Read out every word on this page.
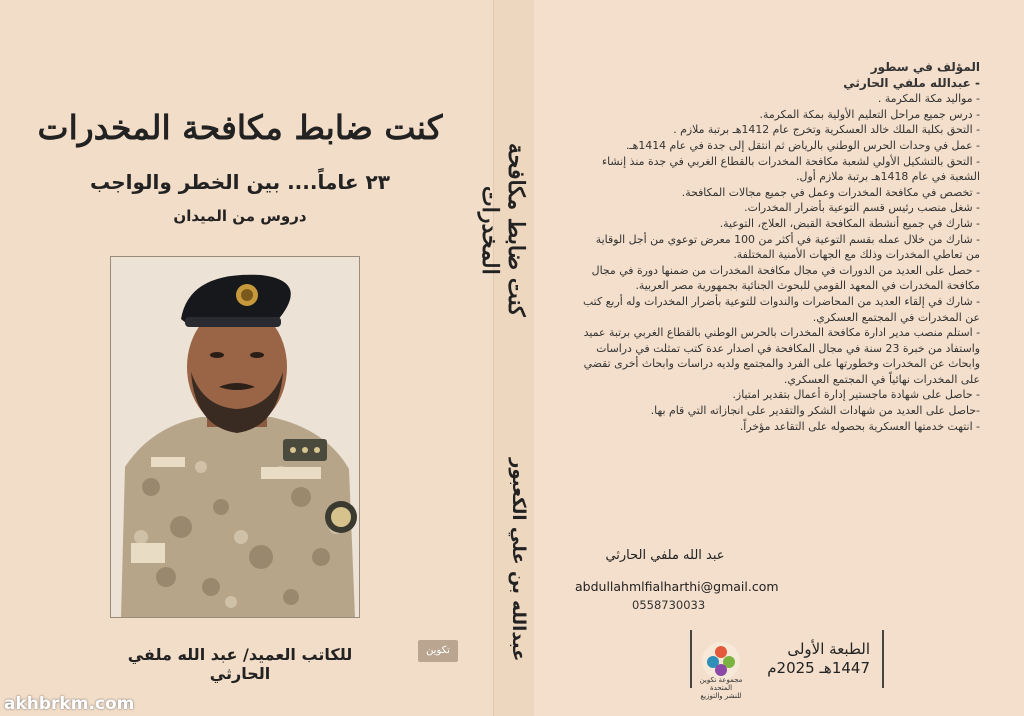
كنت ضابط مكافحة المخدرات
٢٣ عاماً.... بين الخطر والواجب
دروس من الميدان
للكاتب العميد/ عبد الله ملفي الحارثي
تكوين
كنت ضابط مكافحة المخدرات
عبدالله بن علي الكعبور

المؤلف في سطور

- عبدالله ملفي الحارثي

- مواليد مكة المكرمة .

- درس جميع مراحل التعليم الأولية بمكة المكرمة.

- التحق بكلية الملك خالد العسكرية وتخرج عام 1412هـ برتبة ملازم .

- عمل في وحدات الحرس الوطني بالرياض ثم انتقل إلى جدة في عام 1414هـ.

- التحق بالتشكيل الأولي لشعبة مكافحة المخدرات بالقطاع الغربي في جدة منذ إنشاء الشعبة في عام 1418هـ برتبة ملازم أول.

- تخصص في مكافحة المخدرات وعمل في جميع مجالات المكافحة.

- شغل منصب رئيس قسم التوعية بأضرار المخدرات.

- شارك في جميع أنشطة المكافحة القبض، العلاج، التوعية.

- شارك من خلال عمله بقسم التوعية في أكثر من 100 معرض توعوي من أجل الوقاية من تعاطي المخدرات وذلك مع الجهات الأمنية المختلفة.

- حصل على العديد من الدورات في مجال مكافحة المخدرات من ضمنها دورة في مجال مكافحة المخدرات في المعهد القومي للبحوث الجنائية بجمهورية مصر العربية.

- شارك في إلقاء العديد من المحاضرات والندوات للتوعية بأضرار المخدرات وله أربع كتب عن المخدرات في المجتمع العسكري.

- استلم منصب مدير ادارة مكافحة المخدرات بالحرس الوطني بالقطاع الغربي برتبة عميد واستفاد من خبرة 23 سنة في مجال المكافحة في اصدار عدة كتب تمثلت في دراسات وابحاث عن المخدرات وخطورتها على الفرد والمجتمع ولديه دراسات وابحاث أخرى تقضي على المخدرات نهائياً في المجتمع العسكري.

- حاصل على شهادة ماجستير إدارة أعمال بتقدير امتياز.

-حاصل على العديد من شهادات الشكر والتقدير على انجازاته التي قام بها.

- انتهت خدمتها العسكرية بحصوله على التقاعد مؤخراً.

عبد الله ملفي الحارثي
abdullahmlfialharthi@gmail.com
0558730033
مجموعة تكوين المتحدة
للنشر والتوزيع
الطبعة الأولى
1447هـ 2025م
akhbrkm.com
